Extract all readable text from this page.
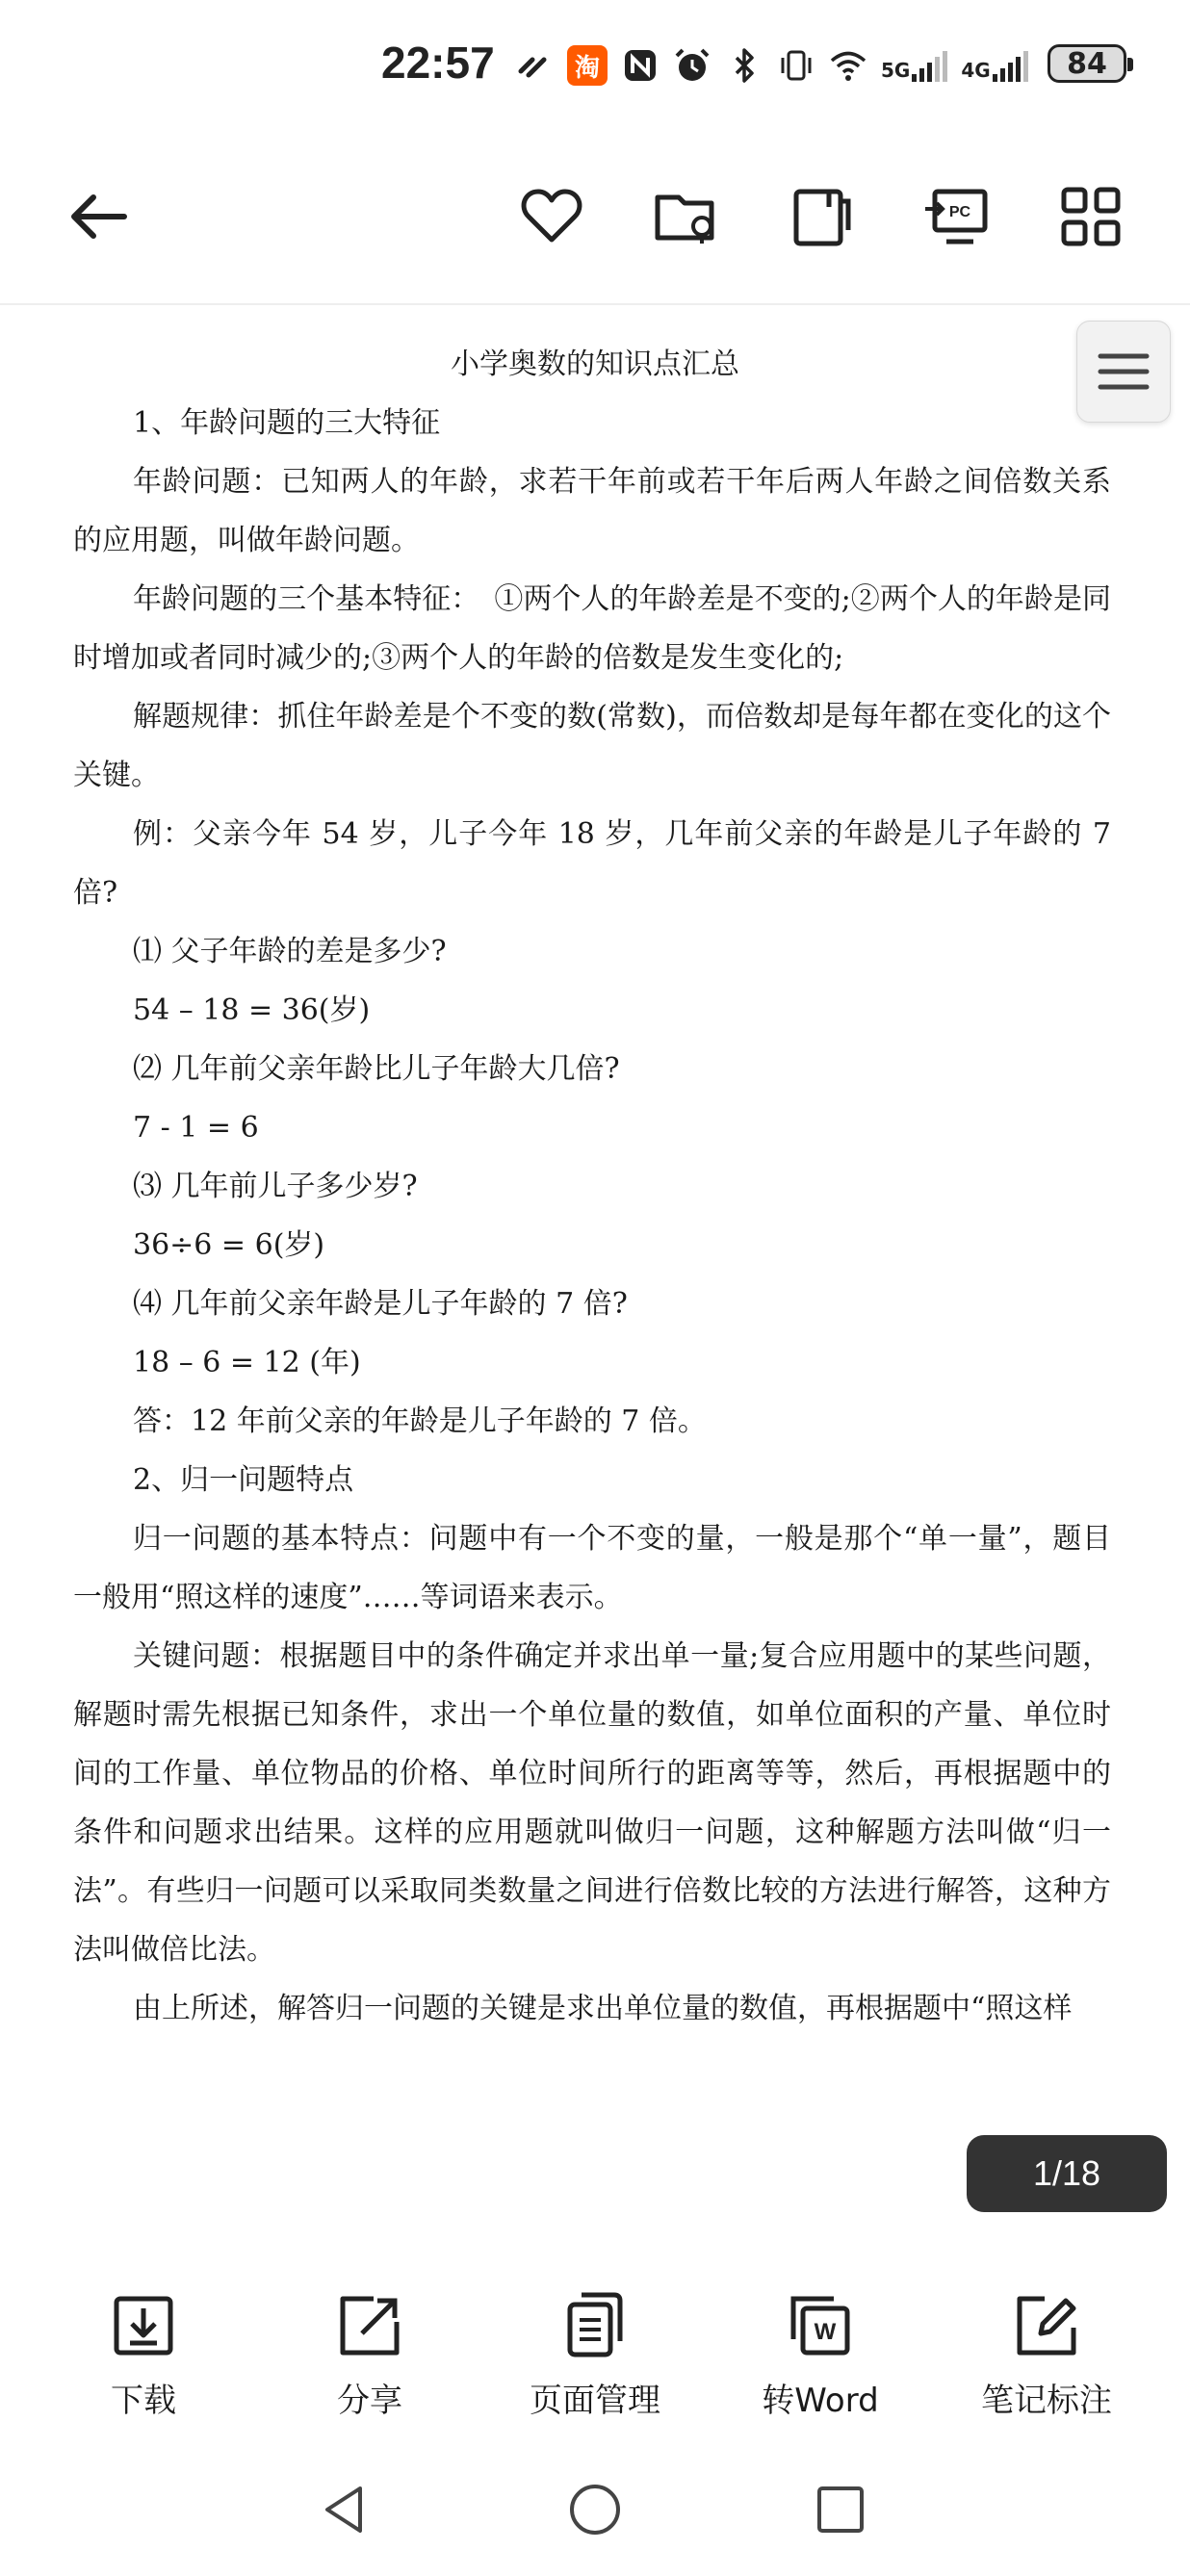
22:57	淘	5G	4G	84
PC
小学奥数的知识点汇总

1、年龄问题的三大特征

年龄问题：已知两人的年龄，求若干年前或若干年后两人年龄之间倍数关系的应用题，叫做年龄问题。

年龄问题的三个基本特征：　①两个人的年龄差是不变的;②两个人的年龄是同时增加或者同时减少的;③两个人的年龄的倍数是发生变化的;

解题规律：抓住年龄差是个不变的数(常数)，而倍数却是每年都在变化的这个关键。

例：父亲今年 54 岁，儿子今年 18 岁，几年前父亲的年龄是儿子年龄的 7 倍?

⑴ 父子年龄的差是多少?

54 – 18 = 36(岁)

⑵ 几年前父亲年龄比儿子年龄大几倍?

7 - 1 = 6

⑶ 几年前儿子多少岁?

36÷6 = 6(岁)

⑷ 几年前父亲年龄是儿子年龄的 7 倍?

18 – 6 = 12 (年)

答：12 年前父亲的年龄是儿子年龄的 7 倍。

2、归一问题特点

归一问题的基本特点：问题中有一个不变的量，一般是那个“单一量”，题目一般用“照这样的速度”……等词语来表示。

关键问题：根据题目中的条件确定并求出单一量;复合应用题中的某些问题，解题时需先根据已知条件，求出一个单位量的数值，如单位面积的产量、单位时间的工作量、单位物品的价格、单位时间所行的距离等等，然后，再根据题中的条件和问题求出结果。这样的应用题就叫做归一问题，这种解题方法叫做“归一法”。有些归一问题可以采取同类数量之间进行倍数比较的方法进行解答，这种方法叫做倍比法。

由上所述，解答归一问题的关键是求出单位量的数值，再根据题中“照这样

1/18
下载	分享	页面管理
W
转Word	笔记标注
